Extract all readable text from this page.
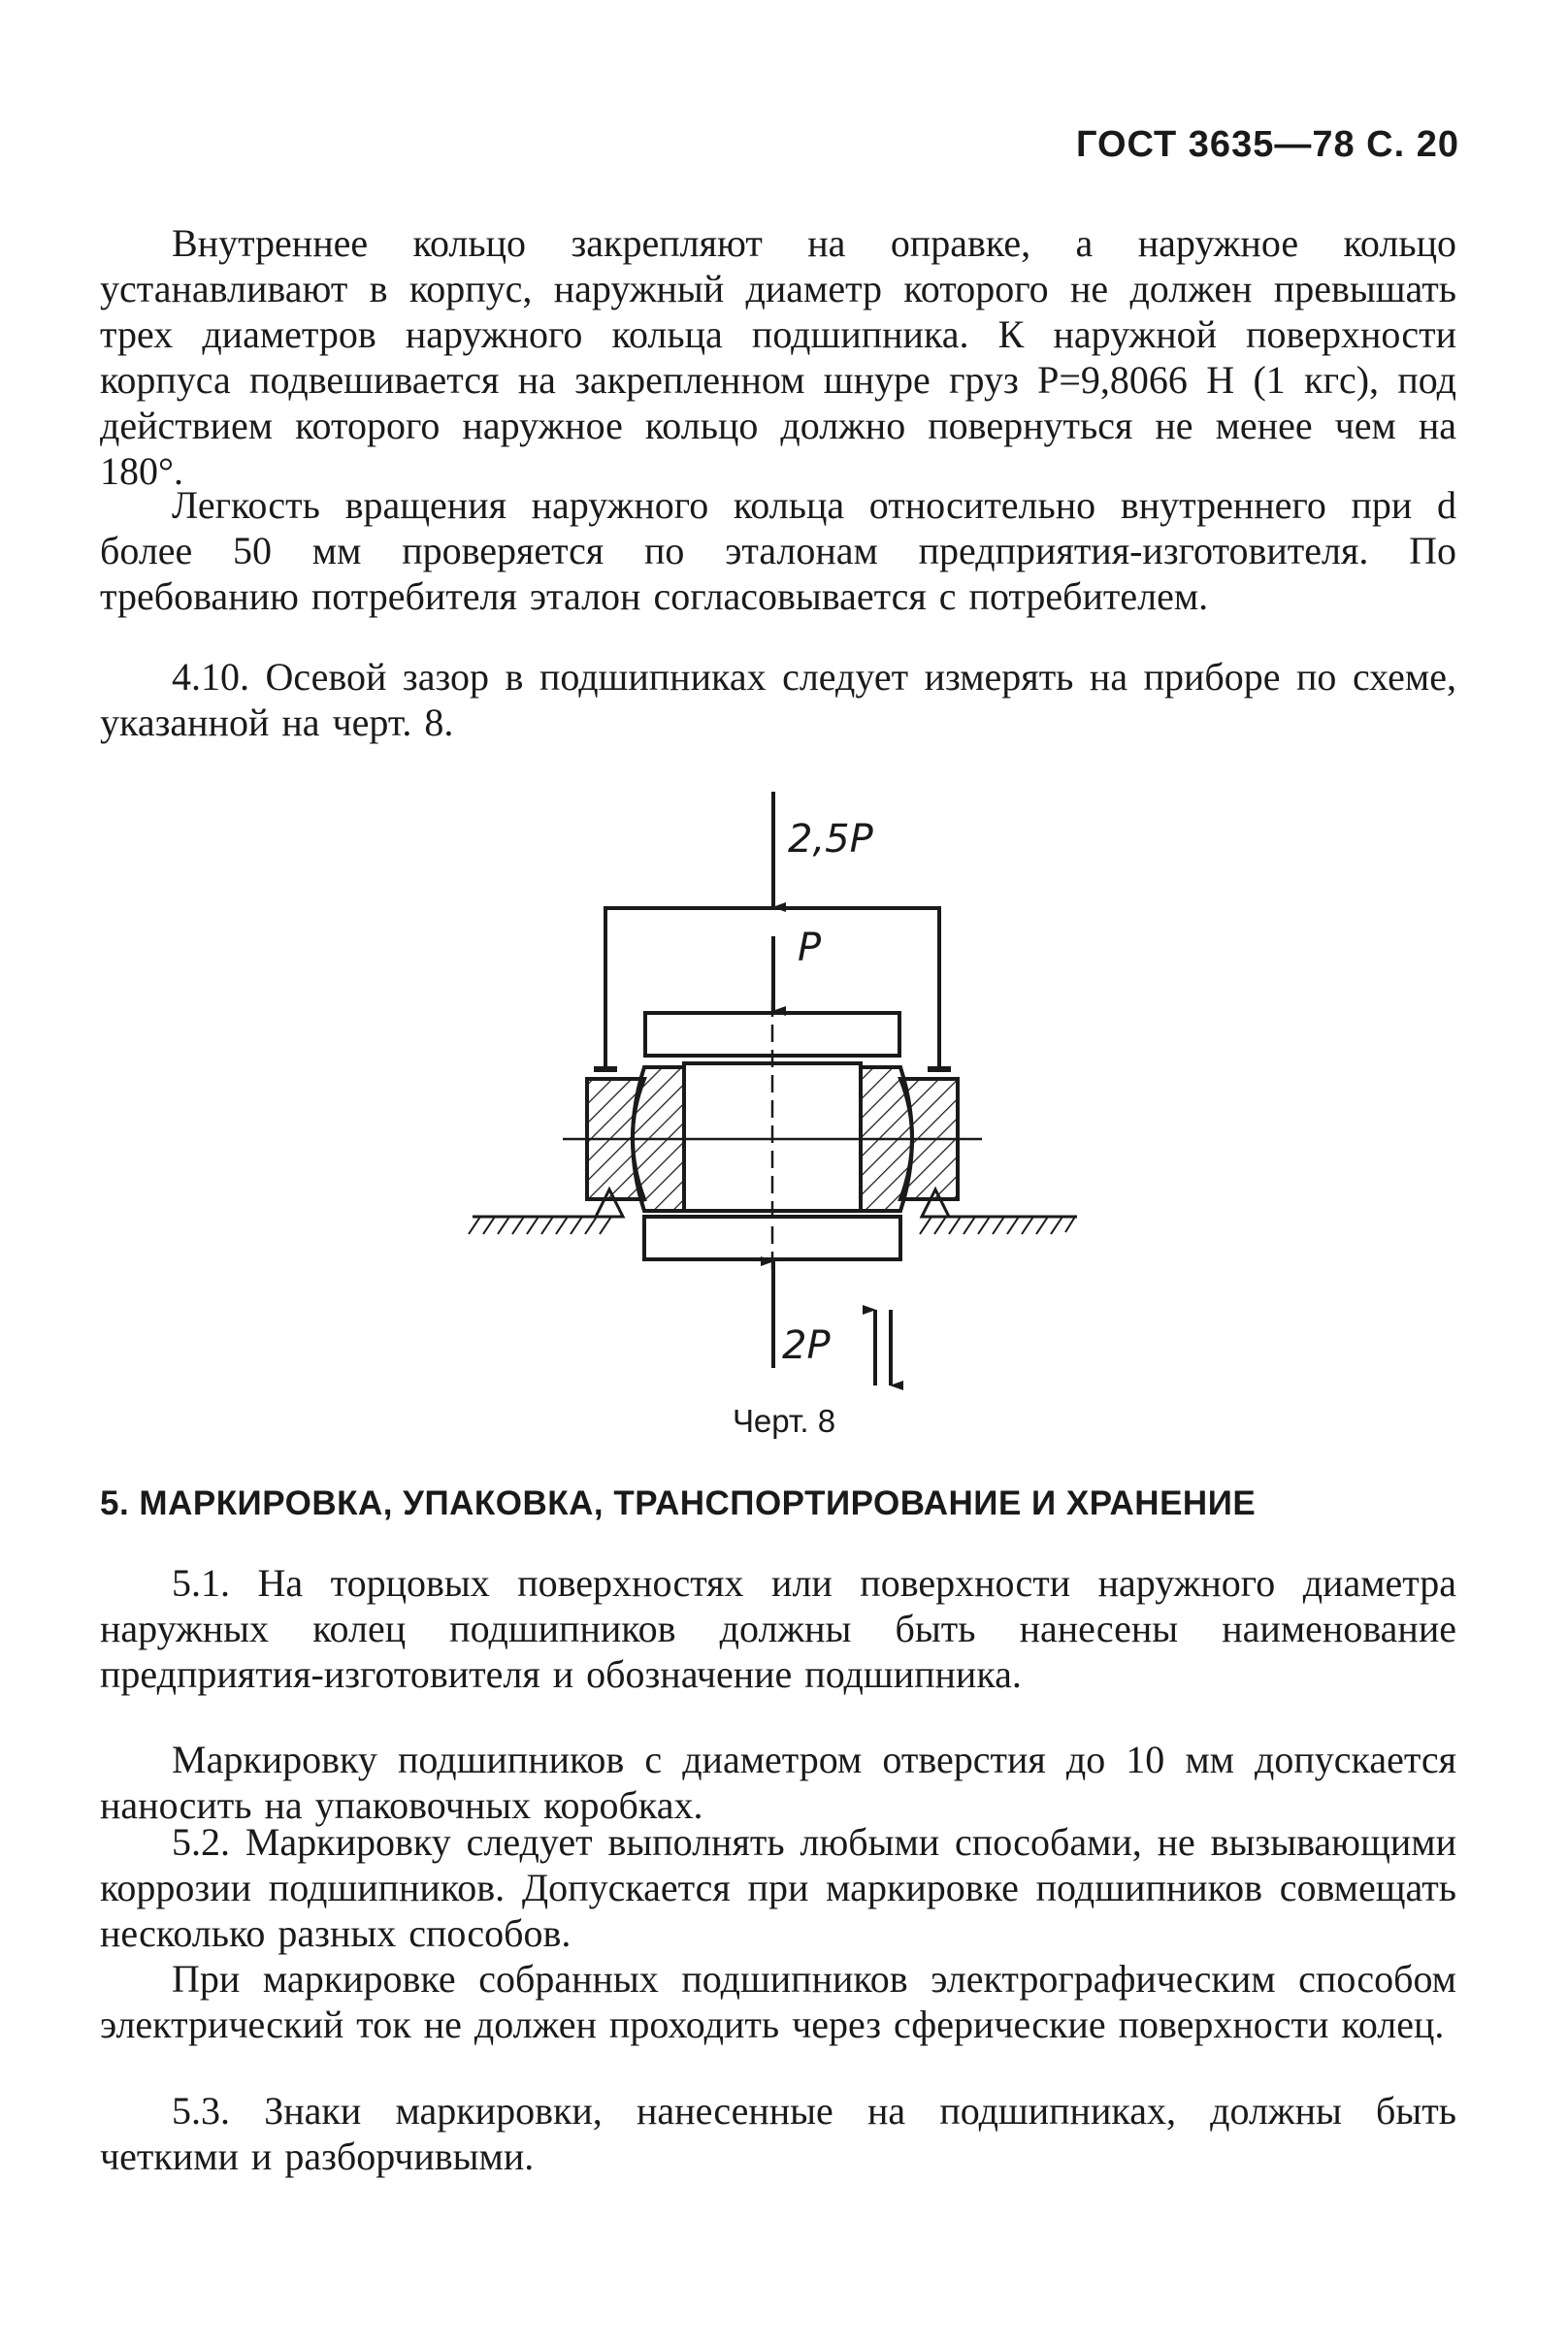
ГОСТ 3635—78 С. 20

Внутреннее кольцо закрепляют на оправке, а наружное кольцо устанавливают в корпус, наружный диаметр которого не должен превышать трех диаметров наружного кольца подшипника. К наружной поверхности корпуса подвешивается на закрепленном шнуре груз P=9,8066 Н (1 кгс), под действием которого наружное кольцо должно повернуться не менее чем на 180°.

Легкость вращения наружного кольца относительно внутреннего при d более 50 мм проверяется по эталонам предприятия-изготовителя. По требованию потребителя эталон согласовывается с потребителем.

4.10. Осевой зазор в подшипниках следует измерять на приборе по схеме, указанной на черт. 8.

2,5P
P
2P
Черт. 8
5. МАРКИРОВКА, УПАКОВКА, ТРАНСПОРТИРОВАНИЕ И ХРАНЕНИЕ

5.1. На торцовых поверхностях или поверхности наружного диаметра наружных колец подшипников должны быть нанесены наименование предприятия-изготовителя и обозначение подшипника.

Маркировку подшипников с диаметром отверстия до 10 мм допускается наносить на упаковочных коробках.

5.2. Маркировку следует выполнять любыми способами, не вызывающими коррозии подшипников. Допускается при маркировке подшипников совмещать несколько разных способов.

При маркировке собранных подшипников электрографическим способом электрический ток не должен проходить через сферические поверхности колец.

5.3. Знаки маркировки, нанесенные на подшипниках, должны быть четкими и разборчивыми.
